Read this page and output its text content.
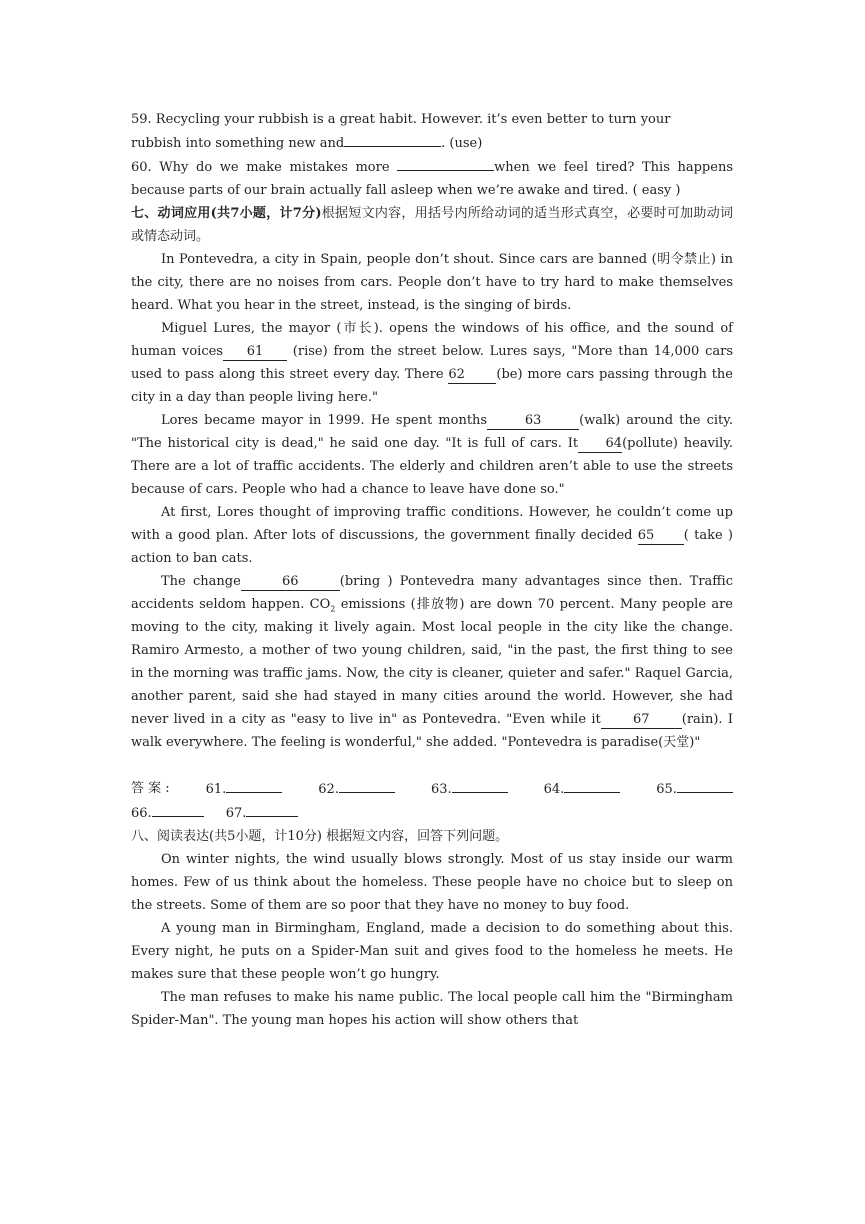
59. Recycling your rubbish is a great habit. However. it’s even better to turn your
rubbish into something new and	. (use)

60. Why do we make mistakes more	when we feel tired? This happens because parts of our brain actually fall asleep when we’re awake and tired. ( easy )

七、动词应用(共7小题，计7分)根据短文内容，用括号内所给动词的适当形式真空，必要时可加助动词或情态动词。

In Pontevedra, a city in Spain, people don’t shout. Since cars are banned (明令禁止) in the city, there are no noises from cars. People don’t have to try hard to make themselves heard. What you hear in the street, instead, is the singing of birds.

Miguel Lures, the mayor (市长). opens the windows of his office, and the sound of human voices 61 (rise) from the street below. Lures says, "More than 14,000 cars used to pass along this street every day. There 62 (be) more cars passing through the city in a day than people living here."

Lores became mayor in 1999. He spent months	63	(walk) around the city. "The historical city is dead," he said one day. "It is full of cars. It 64(pollute) heavily. There are a lot of traffic accidents. The elderly and children aren’t able to use the streets because of cars. People who had a chance to leave have done so."

At first, Lores thought of improving traffic conditions. However, he couldn’t come up with a good plan. After lots of discussions, the government finally decided 65 ( take ) action to ban cats.

The change	66	(bring ) Pontevedra many advantages since then. Traffic accidents seldom happen. $CO_2$ emissions (排放物) are down 70 percent. Many people are moving to the city, making it lively again. Most local people in the city like the change. Ramiro Armesto, a mother of two young children, said, "in the past, the first thing to see in the morning was traffic jams. Now, the city is cleaner, quieter and safer." Raquel Garcia, another parent, said she had stayed in many cities around the world. However, she had never lived in a city as "easy to live in" as Pontevedra. "Even while it 67 (rain). I walk everywhere. The feeling is wonderful," she added. "Pontevedra is paradise(天堂)"

答 案 :	61.	62.	63.	64.	65.
66.	67.

八、阅读表达(共5小题，计10分) 根据短文内容，回答下列问题。

On winter nights, the wind usually blows strongly. Most of us stay inside our warm homes. Few of us think about the homeless. These people have no choice but to sleep on the streets. Some of them are so poor that they have no money to buy food.

A young man in Birmingham, England, made a decision to do something about this. Every night, he puts on a Spider-Man suit and gives food to the homeless he meets. He makes sure that these people won’t go hungry.

The man refuses to make his name public. The local people call him the "Birmingham Spider-Man". The young man hopes his action will show others that
